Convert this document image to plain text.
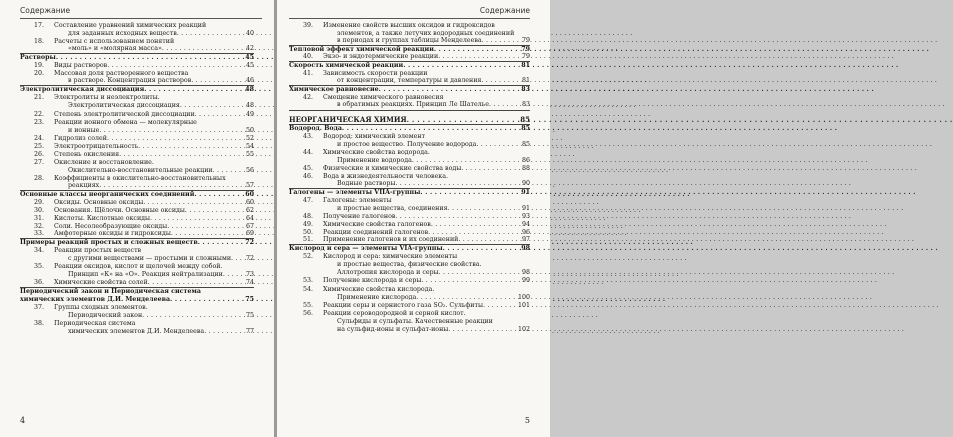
Содержание
17.	Составление уравнений химических реакций
для заданных исходных веществ . . .	40
18.	Расчеты с использованием понятий
«моль» и «молярная масса» . . .	42
Растворы . . .	45
19.	Виды растворов . . .	45
20.	Массовая доля растворенного вещества
в растворе. Концентрация растворов . . .	46
Электролитическая диссоциация . . .	48
21.	Электролиты и неэлектролиты.
Электролитическая диссоциация . . .	48
22.	Степень электролитической диссоциации . . .	49
23.	Реакции ионного обмена — молекулярные
и ионные . . .	50
24.	Гидролиз солей . . .	52
25.	Электроотрицательность . . .	54
26.	Степень окисления . . .	55
27.	Окисление и восстановление.
Окислительно-восстановительные реакции . . .	56
28.	Коэффициенты в окислительно-восстановительных
реакциях . . .	57
Основные классы неорганических соединений . . .	60
29.	Оксиды. Основные оксиды . . .	60
30.	Основания. Щёлочи. Основные оксиды . . .	62
31.	Кислоты. Кислотные оксиды . . .	64
32.	Соли. Несолеобразующие оксиды . . .	67
33.	Амфотерные оксиды и гидроксиды . . .	69
Примеры реакций простых и сложных веществ . . .	72
34.	Реакции простых веществ
с другими веществами — простыми и сложными . . .	72
35.	Реакции оксидов, кислот и щелочей между собой.
Принцип «К» на «О». Реакция нейтрализации . . .	73
36.	Химические свойства солей . . .	74
Периодический закон и Периодическая система
химических элементов Д.И. Менделеева . . .	75
37.	Группы сходных элементов.
Периодический закон . . .	75
38.	Периодическая система
химических элементов Д.И. Менделеева . . .	77
4
Содержание
39.	Изменение свойств высших оксидов и гидроксидов
элементов, а также летучих водородных соединений
в периодах и группах таблицы Менделеева . . .	79
Тепловой эффект химической реакции . . .	79
40.	Экзо- и эндотермические реакции . . .	79
Скорость химической реакции . . .	81
41.	Зависимость скорости реакции
от концентрации, температуры и давления . . .	81
Химическое равновесие . . .	83
42.	Смещение химического равновесия
в обратимых реакциях. Принцип Ле Шателье . . .	83
НЕОРГАНИЧЕСКАЯ ХИМИЯ . . .	85
Водород. Вода . . .	85
43.	Водород: химический элемент
и простое вещество. Получение водорода . . .	85
44.	Химические свойства водорода.
Применение водорода . . .	86
45.	Физические и химические свойства воды . . .	88
46.	Вода в жизнедеятельности человека.
Водные растворы . . .	90
Галогены — элементы VIIA-группы . . .	91
47.	Галогены: элементы
и простые вещества, соединения . . .	91
48.	Получение галогенов . . .	93
49.	Химические свойства галогенов . . .	94
50.	Реакции соединений галогенов . . .	96
51.	Применение галогенов и их соединений . . .	97
Кислород и сера — элементы VIA-группы . . .	98
52.	Кислород и сера: химические элементы
и простые вещества, физические свойства.
Аллотропия кислорода и серы . . .	98
53.	Получение кислорода и серы . . .	99
54.	Химические свойства кислорода.
Применение кислорода . . .	100
55.	Реакции серы и сернистого газа SO₂. Сульфиты . . .	101
56.	Реакции сероводородной и серной кислот.
Сульфиды и сульфаты. Качественные реакции
на сульфид-ионы и сульфат-ионы . . .	102
5
